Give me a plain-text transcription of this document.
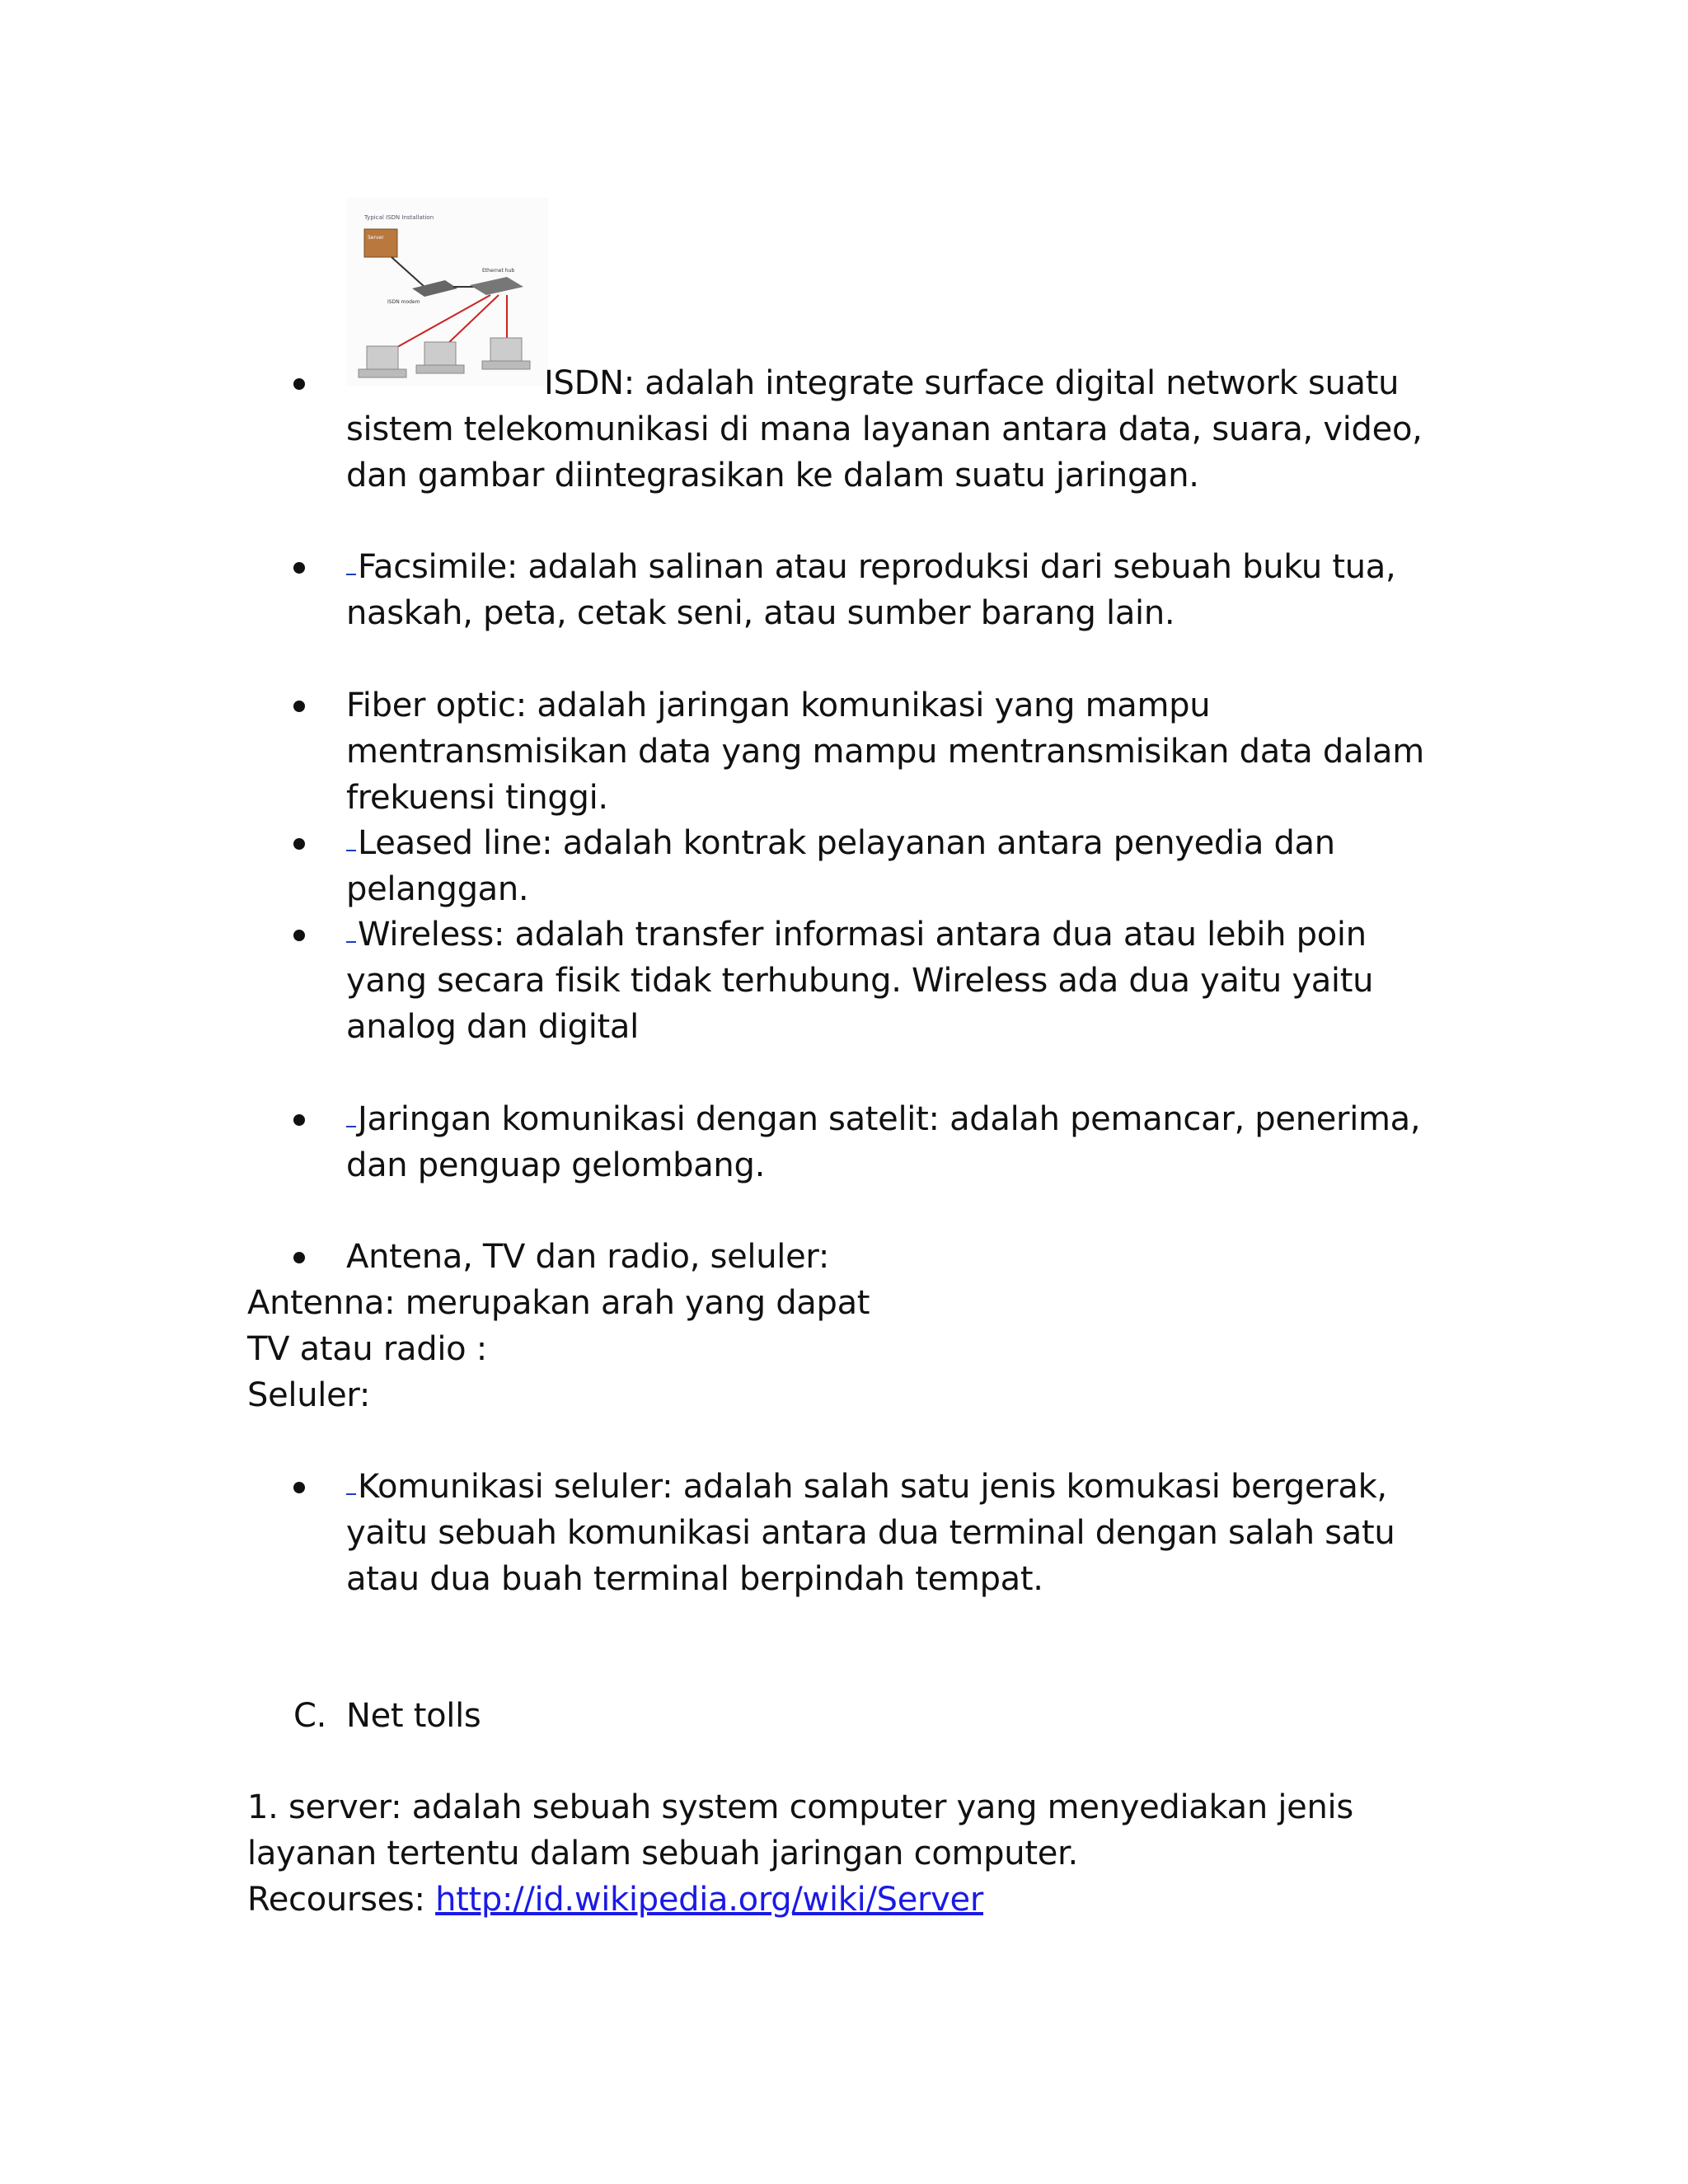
Typical ISDN Installation
Server
ISDN modem
Ethernet hub
ISDN: adalah integrate surface digital network suatu sistem telekomunikasi di mana layanan antara data, suara, video, dan gambar diintegrasikan ke dalam suatu jaringan.
Facsimile: adalah salinan atau reproduksi dari sebuah buku tua, naskah, peta, cetak seni, atau sumber barang lain.
Fiber optic: adalah jaringan komunikasi yang mampu mentransmisikan data yang mampu mentransmisikan data dalam frekuensi tinggi.
Leased line: adalah kontrak pelayanan antara penyedia dan pelanggan.
Wireless: adalah transfer informasi antara dua atau lebih poin yang secara fisik tidak terhubung. Wireless ada dua yaitu yaitu analog dan digital
Jaringan komunikasi dengan satelit: adalah pemancar, penerima, dan penguap gelombang.
Antena, TV dan radio, seluler:
Komunikasi seluler: adalah salah satu jenis komukasi bergerak, yaitu sebuah komunikasi antara dua terminal dengan salah satu atau dua buah terminal berpindah tempat.
Antenna: merupakan arah yang dapat
TV atau radio :
Seluler:
C. Net tolls
1. server: adalah sebuah system computer yang menyediakan jenis layanan tertentu dalam sebuah jaringan computer.
Recourses: http://id.wikipedia.org/wiki/Server
